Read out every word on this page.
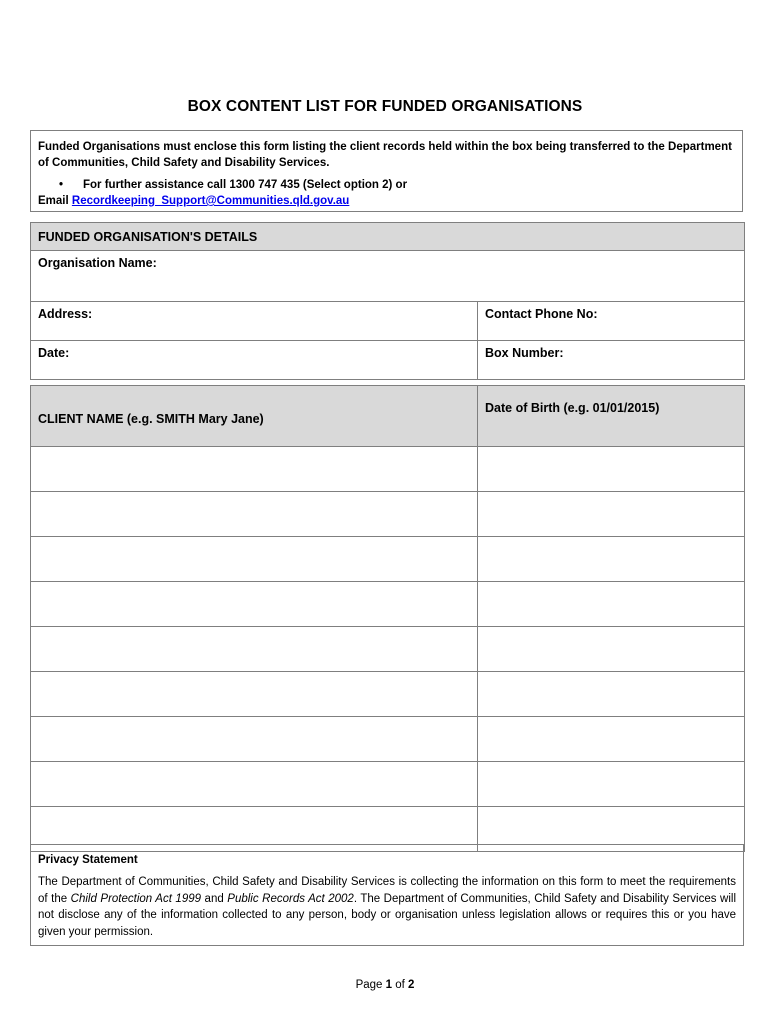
BOX CONTENT LIST FOR FUNDED ORGANISATIONS
Funded Organisations must enclose this form listing the client records held within the box being transferred to the Department of Communities, Child Safety and Disability Services.
• For further assistance call 1300 747 435 (Select option 2) or
Email Recordkeeping_Support@Communities.qld.gov.au
FUNDED ORGANISATION'S DETAILS	
Organisation Name:	
Address:	Contact Phone No:
Date:	Box Number:
CLIENT NAME (e.g. SMITH Mary Jane)	Date of Birth (e.g. 01/01/2015)

Privacy Statement
The Department of Communities, Child Safety and Disability Services is collecting the information on this form to meet the requirements of the Child Protection Act 1999 and Public Records Act 2002. The Department of Communities, Child Safety and Disability Services will not disclose any of the information collected to any person, body or organisation unless legislation allows or requires this or you have given your permission.
Page 1 of 2
